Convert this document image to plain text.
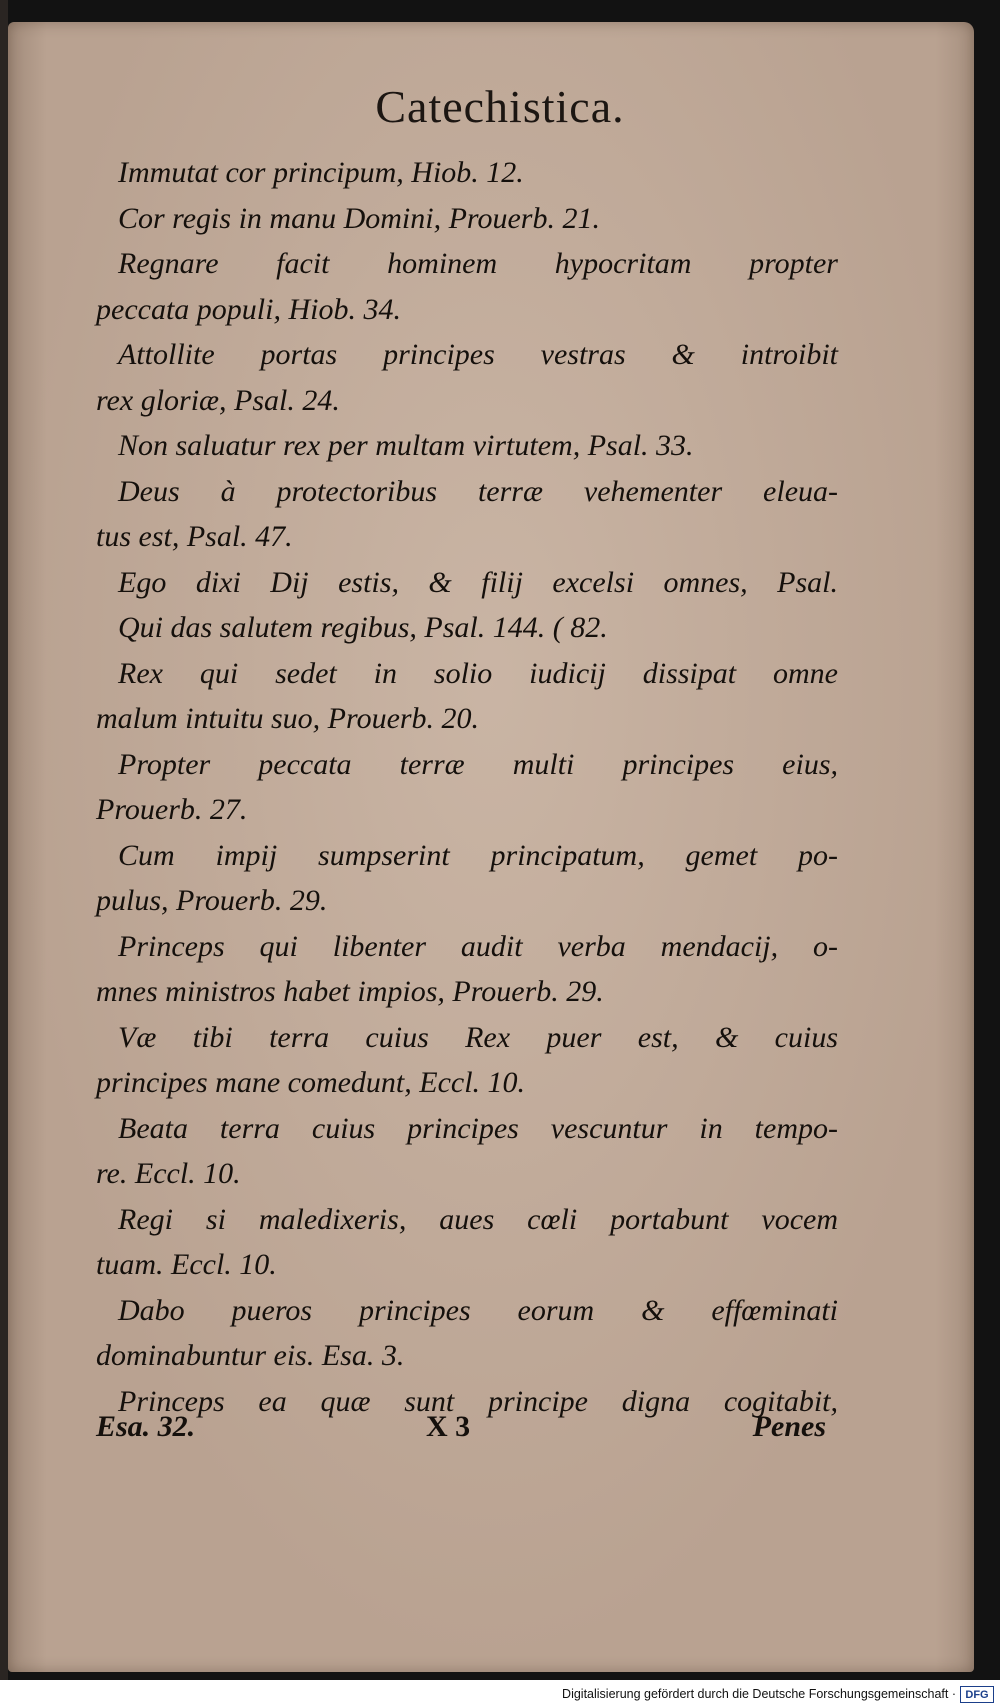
Catechistica.
Immutat cor principum, Hiob. 12.
Cor regis in manu Domini, Prouerb. 21.
Regnare facit hominem hypocritam propter
peccata populi, Hiob. 34.
Attollite portas principes vestras & introibit
rex gloriæ, Psal. 24.
Non saluatur rex per multam virtutem, Psal. 33.
Deus à protectoribus terræ vehementer eleua-
tus est, Psal. 47.
Ego dixi Dij estis, & filij excelsi omnes, Psal.
Qui das salutem regibus, Psal. 144. ( 82.
Rex qui sedet in solio iudicij dissipat omne
malum intuitu suo, Prouerb. 20.
Propter peccata terræ multi principes eius,
Prouerb. 27.
Cum impij sumpserint principatum, gemet po-
pulus, Prouerb. 29.
Princeps qui libenter audit verba mendacij, o-
mnes ministros habet impios, Prouerb. 29.
Væ tibi terra cuius Rex puer est, & cuius
principes mane comedunt, Eccl. 10.
Beata terra cuius principes vescuntur in tempo-
re. Eccl. 10.
Regi si maledixeris, aues cœli portabunt vocem
tuam. Eccl. 10.
Dabo pueros principes eorum & effœminati
dominabuntur eis. Esa. 3.
Princeps ea quæ sunt principe digna cogitabit,
Esa. 32.	X 3	Penes
Digitalisierung gefördert durch die Deutsche Forschungsgemeinschaft · DFG
